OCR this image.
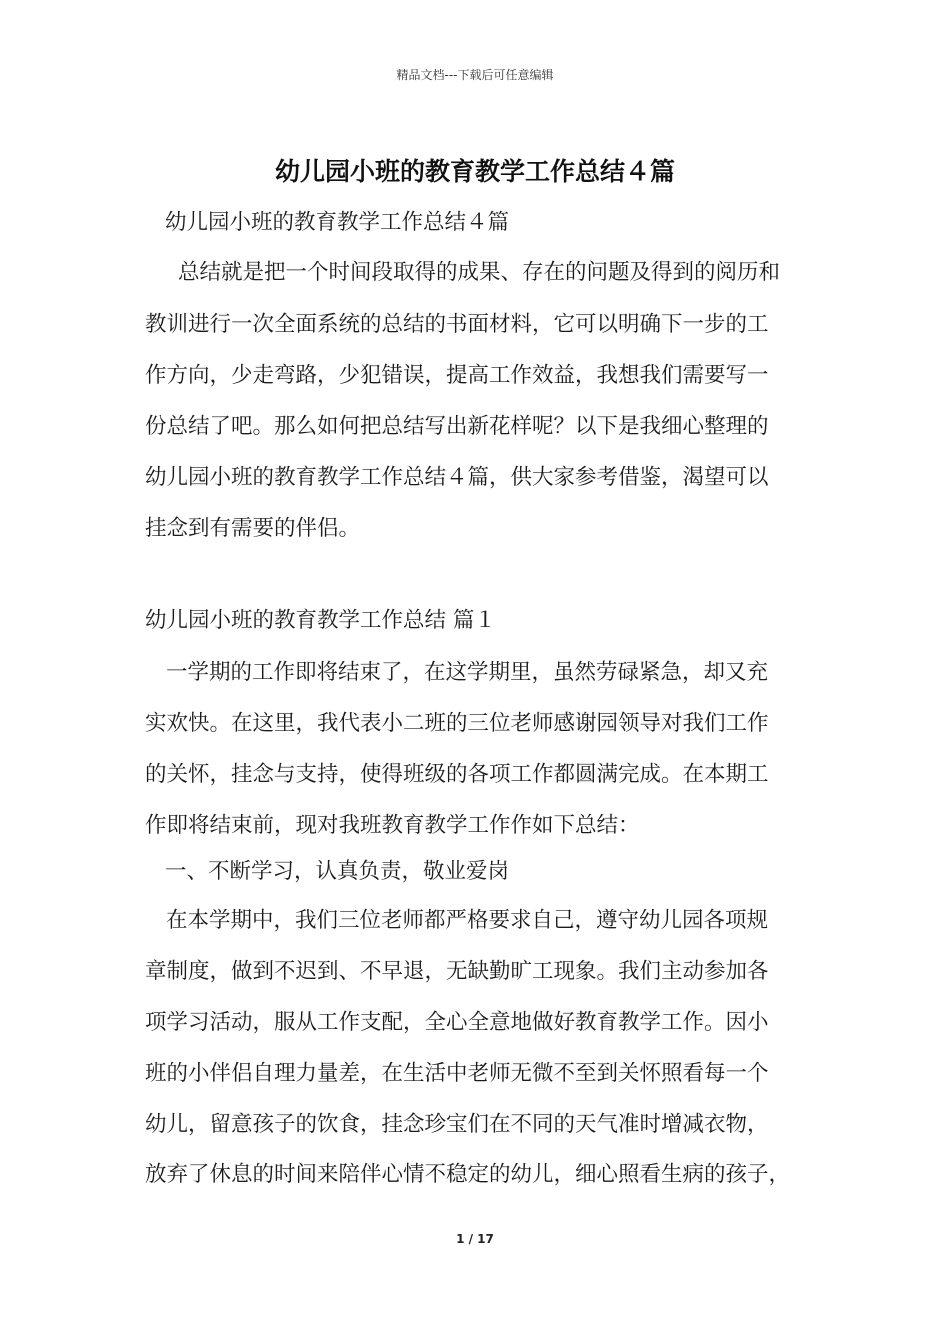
精品文档---下载后可任意编辑
幼儿园小班的教育教学工作总结４篇
幼儿园小班的教育教学工作总结４篇
总结就是把一个时间段取得的成果、存在的问题及得到的阅历和
教训进行一次全面系统的总结的书面材料，它可以明确下一步的工
作方向，少走弯路，少犯错误，提高工作效益，我想我们需要写一
份总结了吧。那么如何把总结写出新花样呢？以下是我细心整理的
幼儿园小班的教育教学工作总结４篇，供大家参考借鉴，渴望可以
挂念到有需要的伴侣。
幼儿园小班的教育教学工作总结 篇１
一学期的工作即将结束了，在这学期里，虽然劳碌紧急，却又充
实欢快。在这里，我代表小二班的三位老师感谢园领导对我们工作
的关怀，挂念与支持，使得班级的各项工作都圆满完成。在本期工
作即将结束前，现对我班教育教学工作作如下总结：
一、不断学习，认真负责，敬业爱岗
在本学期中，我们三位老师都严格要求自己，遵守幼儿园各项规
章制度，做到不迟到、不早退，无缺勤旷工现象。我们主动参加各
项学习活动，服从工作支配，全心全意地做好教育教学工作。因小
班的小伴侣自理力量差，在生活中老师无微不至到关怀照看每一个
幼儿，留意孩子的饮食，挂念珍宝们在不同的天气准时增减衣物，
放弃了休息的时间来陪伴心情不稳定的幼儿，细心照看生病的孩子，
1 / 17
